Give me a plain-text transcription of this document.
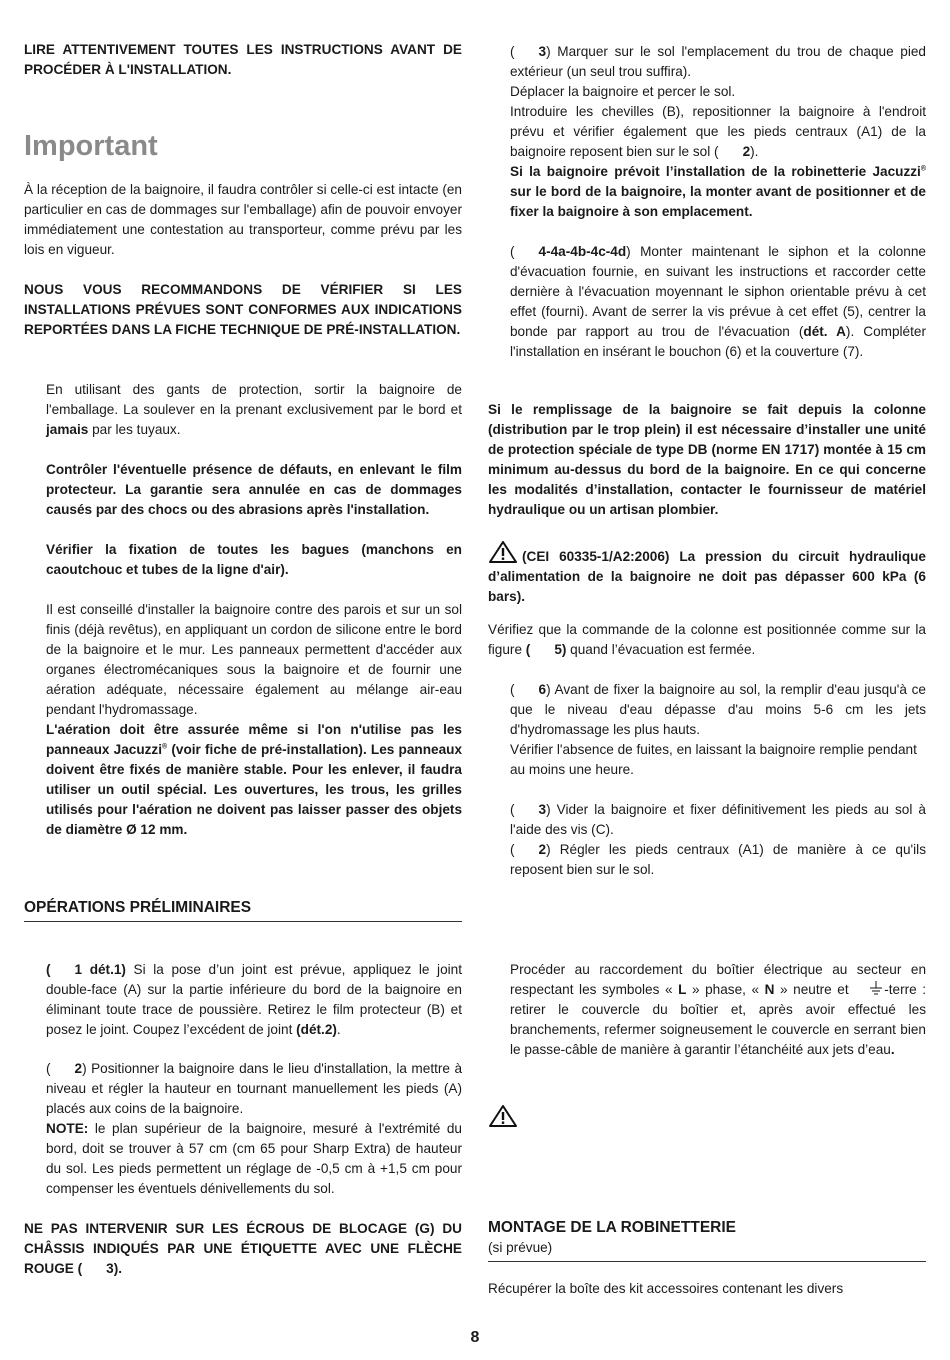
LIRE ATTENTIVEMENT TOUTES LES INSTRUCTIONS AVANT DE PROCÉDER À L'INSTALLATION.

Important

À la réception de la baignoire, il faudra contrôler si celle-ci est intacte (en particulier en cas de dommages sur l'emballage) afin de pouvoir envoyer immédiatement une contestation au transporteur, comme prévu par les lois en vigueur.

NOUS VOUS RECOMMANDONS DE VÉRIFIER SI LES INSTALLATIONS PRÉVUES SONT CONFORMES AUX INDICATIONS REPORTÉES DANS LA FICHE TECHNIQUE DE PRÉ-INSTALLATION.

En utilisant des gants de protection, sortir la baignoire de l'emballage. La soulever en la prenant exclusivement par le bord et jamais par les tuyaux.

Contrôler l'éventuelle présence de défauts, en enlevant le film protecteur. La garantie sera annulée en cas de dommages causés par des chocs ou des abrasions après l'installation.

Vérifier la fixation de toutes les bagues (manchons en caoutchouc et tubes de la ligne d'air).

Il est conseillé d'installer la baignoire contre des parois et sur un sol finis (déjà revêtus), en appliquant un cordon de silicone entre le bord de la baignoire et le mur. Les panneaux permettent d'accéder aux organes électromécaniques sous la baignoire et de fournir une aération adéquate, nécessaire également au mélange air-eau pendant l'hydromassage.

L'aération doit être assurée même si l'on n'utilise pas les panneaux Jacuzzi® (voir fiche de pré-installation). Les panneaux doivent être fixés de manière stable. Pour les enlever, il faudra utiliser un outil spécial. Les ouvertures, les trous, les grilles utilisés pour l'aération ne doivent pas laisser passer des objets de diamètre Ø 12 mm.

OPÉRATIONS PRÉLIMINAIRES

( 1 dét.1) Si la pose d’un joint est prévue, appliquez le joint double-face (A) sur la partie inférieure du bord de la baignoire en éliminant toute trace de poussière. Retirez le film protecteur (B) et posez le joint. Coupez l’excédent de joint (dét.2).

( 2) Positionner la baignoire dans le lieu d'installation, la mettre à niveau et régler la hauteur en tournant manuellement les pieds (A) placés aux coins de la baignoire.

NOTE: le plan supérieur de la baignoire, mesuré à l'extrémité du bord, doit se trouver à 57 cm (cm 65 pour Sharp Extra) de hauteur du sol. Les pieds permettent un réglage de -0,5 cm à +1,5 cm pour compenser les éventuels dénivellements du sol.

NE PAS INTERVENIR SUR LES ÉCROUS DE BLOCAGE (G) DU CHÂSSIS INDIQUÉS PAR UNE ÉTIQUETTE AVEC UNE FLÈCHE ROUGE ( 3).

( 3) Marquer sur le sol l'emplacement du trou de chaque pied extérieur (un seul trou suffira).

Déplacer la baignoire et percer le sol.

Introduire les chevilles (B), repositionner la baignoire à l'endroit prévu et vérifier également que les pieds centraux (A1) de la baignoire reposent bien sur le sol ( 2).

Si la baignoire prévoit l’installation de la robinetterie Jacuzzi® sur le bord de la baignoire, la monter avant de positionner et de fixer la baignoire à son emplacement.

( 4-4a-4b-4c-4d) Monter maintenant le siphon et la colonne d'évacuation fournie, en suivant les instructions et raccorder cette dernière à l'évacuation moyennant le siphon orientable prévu à cet effet (fourni). Avant de serrer la vis prévue à cet effet (5), centrer la bonde par rapport au trou de l'évacuation (dét. A). Compléter l'installation en insérant le bouchon (6) et la couverture (7).

Si le remplissage de la baignoire se fait depuis la colonne (distribution par le trop plein) il est nécessaire d’installer une unité de protection spéciale de type DB (norme EN 1717) montée à 15 cm minimum au-dessus du bord de la baignoire. En ce qui concerne les modalités d’installation, contacter le fournisseur de matériel hydraulique ou un artisan plombier.

(CEI 60335-1/A2:2006) La pression du circuit hydraulique d’alimentation de la baignoire ne doit pas dépasser 600 kPa (6 bars).

Vérifiez que la commande de la colonne est positionnée comme sur la figure ( 5) quand l’évacuation est fermée.

( 6) Avant de fixer la baignoire au sol, la remplir d'eau jusqu'à ce que le niveau d'eau dépasse d'au moins 5-6 cm les jets d'hydromassage les plus hauts.

Vérifier l'absence de fuites, en laissant la baignoire remplie pendant au moins une heure.

( 3) Vider la baignoire et fixer définitivement les pieds au sol à l'aide des vis (C).

( 2) Régler les pieds centraux (A1) de manière à ce qu'ils reposent bien sur le sol.

Procéder au raccordement du boîtier électrique au secteur en respectant les symboles « L » phase, « N » neutre et	-terre : retirer le couvercle du boîtier et, après avoir effectué les branchements, refermer soigneusement le couvercle en serrant bien le passe-câble de manière à garantir l’étanchéité aux jets d’eau.

MONTAGE DE LA ROBINETTERIE
(si prévue)

Récupérer la boîte des kit accessoires contenant les divers

8
